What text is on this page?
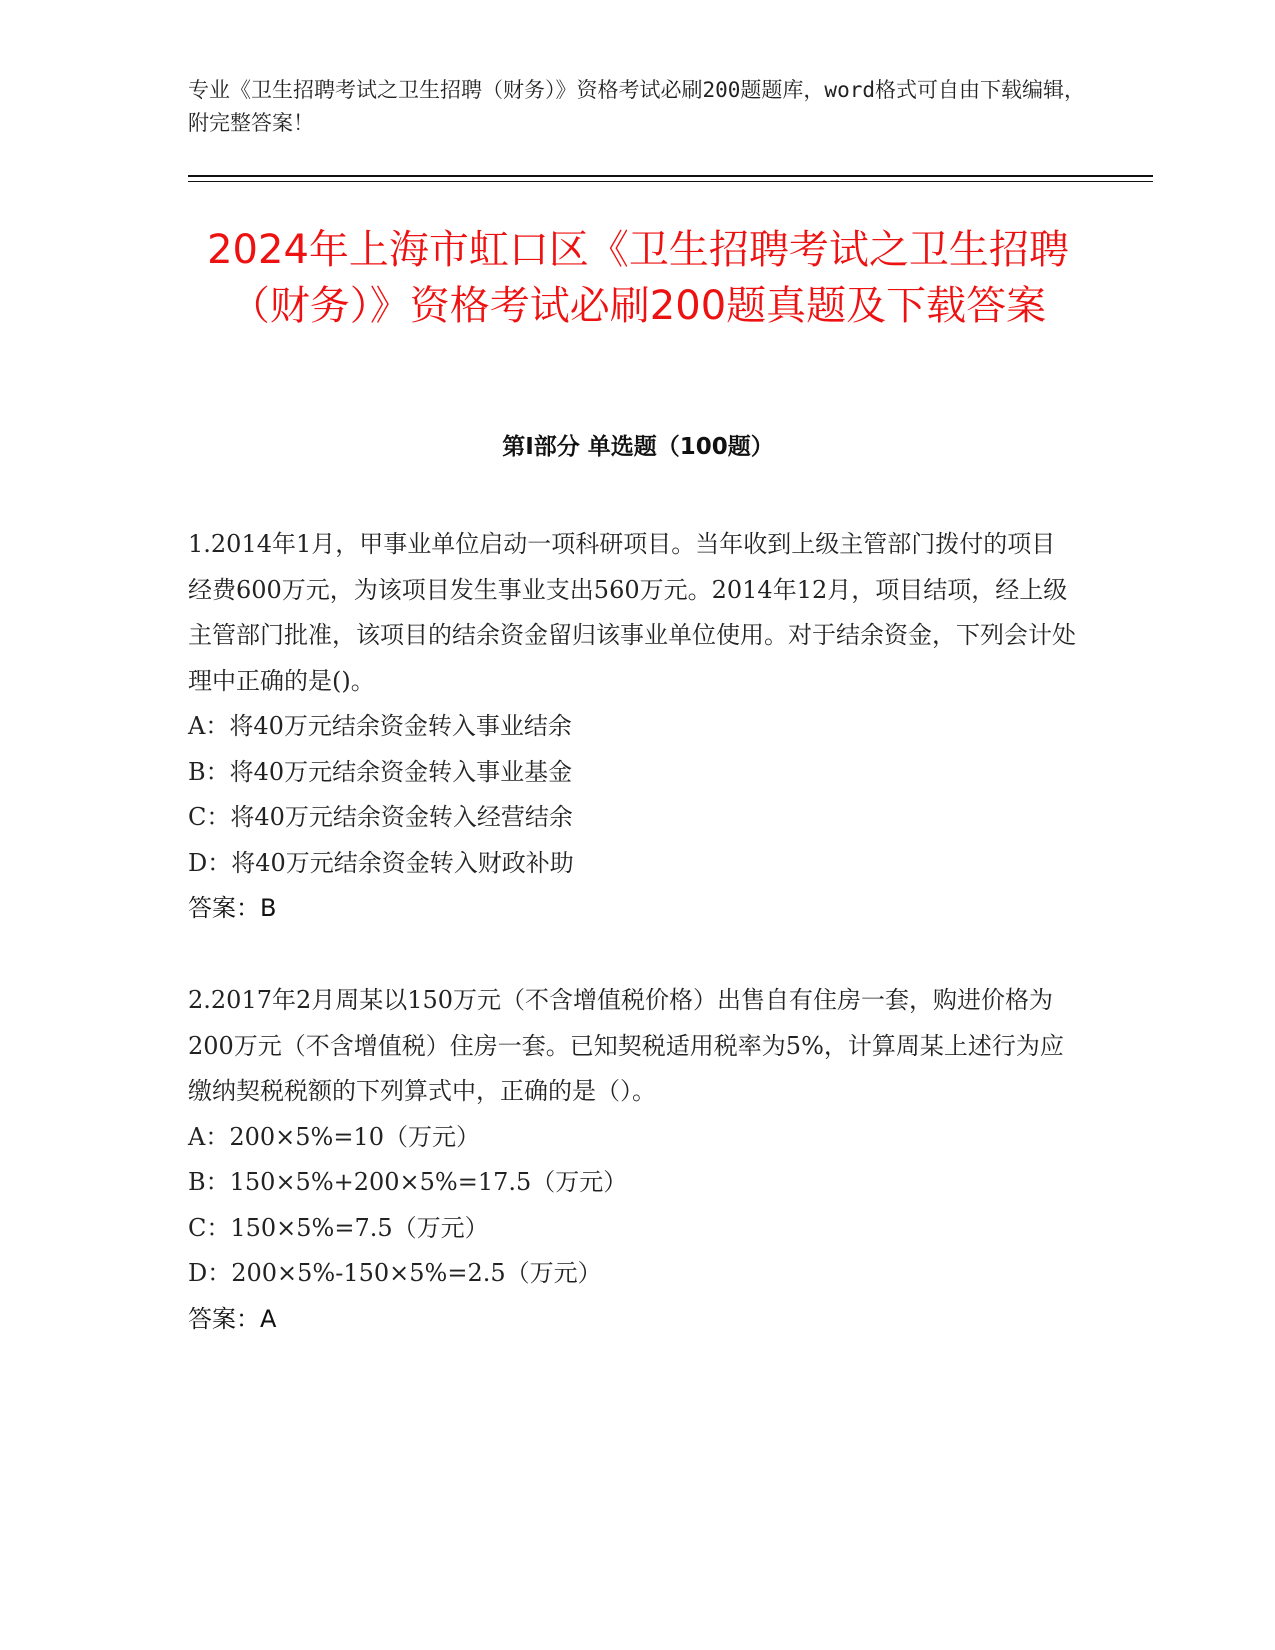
专业《卫生招聘考试之卫生招聘（财务）》资格考试必刷200题题库，word格式可自由下载编辑，附完整答案！

2024年上海市虹口区《卫生招聘考试之卫生招聘（财务）》资格考试必刷200题真题及下载答案
第I部分 单选题（100题）

1.2014年1月，甲事业单位启动一项科研项目。当年收到上级主管部门拨付的项目经费600万元，为该项目发生事业支出560万元。2014年12月，项目结项，经上级主管部门批准，该项目的结余资金留归该事业单位使用。对于结余资金，下列会计处理中正确的是()。

A：将40万元结余资金转入事业结余

B：将40万元结余资金转入事业基金

C：将40万元结余资金转入经营结余

D：将40万元结余资金转入财政补助

答案：B

2.2017年2月周某以150万元（不含增值税价格）出售自有住房一套，购进价格为200万元（不含增值税）住房一套。已知契税适用税率为5%，计算周某上述行为应缴纳契税税额的下列算式中，正确的是（）。

A：200×5%=10（万元）

B：150×5%+200×5%=17.5（万元）

C：150×5%=7.5（万元）

D：200×5%-150×5%=2.5（万元）

答案：A
